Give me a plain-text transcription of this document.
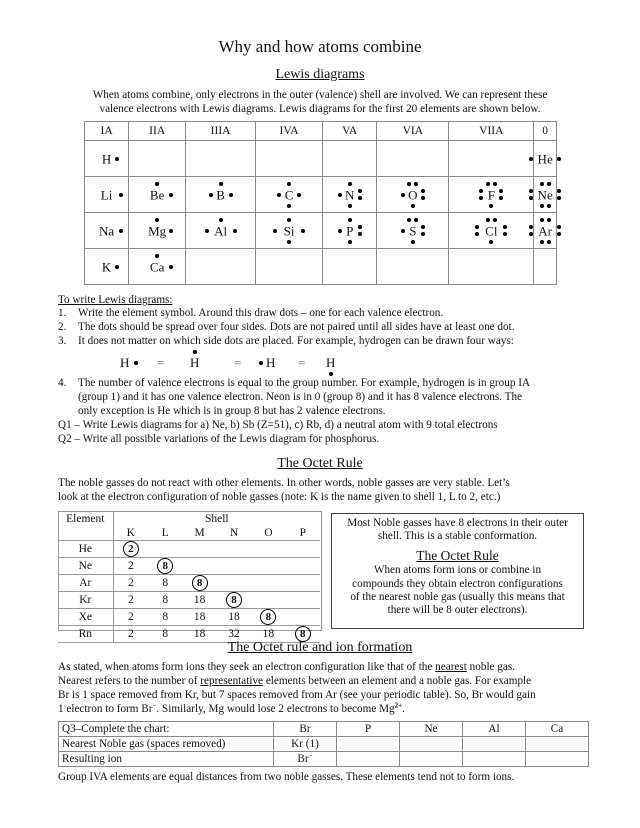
Why and how atoms combine
Lewis diagrams
When atoms combine, only electrons in the outer (valence) shell are involved. We can represent these
valence electrons with Lewis diagrams. Lewis diagrams for the first 20 elements are shown below.
IA	IIA	IIIA	IVA	VA	VIA	VIIA	0

H							He

Li	Be	B	C	N	O	F	Ne

Na	Mg	Al	Si	P	S	Cl	Ar

K	Ca						

To write Lewis diagrams:
1. Write the element symbol. Around this draw dots – one for each valence electron.
2. The dots should be spread over four sides. Dots are not paired until all sides have at least one dot.
3. It does not matter on which side dots are placed. For example, hydrogen can be drawn four ways:
H = H	= H = H
4. The number of valence electrons is equal to the group number. For example, hydrogen is in group IA
(group 1) and it has one valence electron. Neon is in 0 (group 8) and it has 8 valence electrons. The
only exception is He which is in group 8 but has 2 valence electrons.
Q1 – Write Lewis diagrams for a) Ne, b) Sb (Z=51), c) Rb, d) a neutral atom with 9 total electrons
Q2 – Write all possible variations of the Lewis diagram for phosphorus.
The Octet Rule
The noble gasses do not react with other elements. In other words, noble gasses are very stable. Let’s
look at the electron configuration of noble gasses (note: K is the name given to shell 1, L to 2, etc.)
Element	Shell					
	K	L	M	N	O	P
He	2					
Ne	2	8				
Ar	2	8	8			
Kr	2	8	18	8		
Xe	2	8	18	18	8	
Rn	2	8	18	32	18	8
Most Noble gasses have 8 electrons in their outer
shell. This is a stable conformation.
The Octet Rule
When atoms form ions or combine in
compounds they obtain electron configurations
of the nearest noble gas (usually this means that
there will be 8 outer electrons).
The Octet rule and ion formation
As stated, when atoms form ions they seek an electron configuration like that of the nearest noble gas.
Nearest refers to the number of representative elements between an element and a noble gas. For example
Br is 1 space removed from Kr, but 7 spaces removed from Ar (see your periodic table). So, Br would gain
1 electron to form Br−. Similarly, Mg would lose 2 electrons to become $Mg^{2+}$.
Q3–Complete the chart:	Br	P	Ne	Al	Ca
Nearest Noble gas (spaces removed)	Kr (1)				
Resulting ion	Br−				
Group IVA elements are equal distances from two noble gasses. These elements tend not to form ions.
